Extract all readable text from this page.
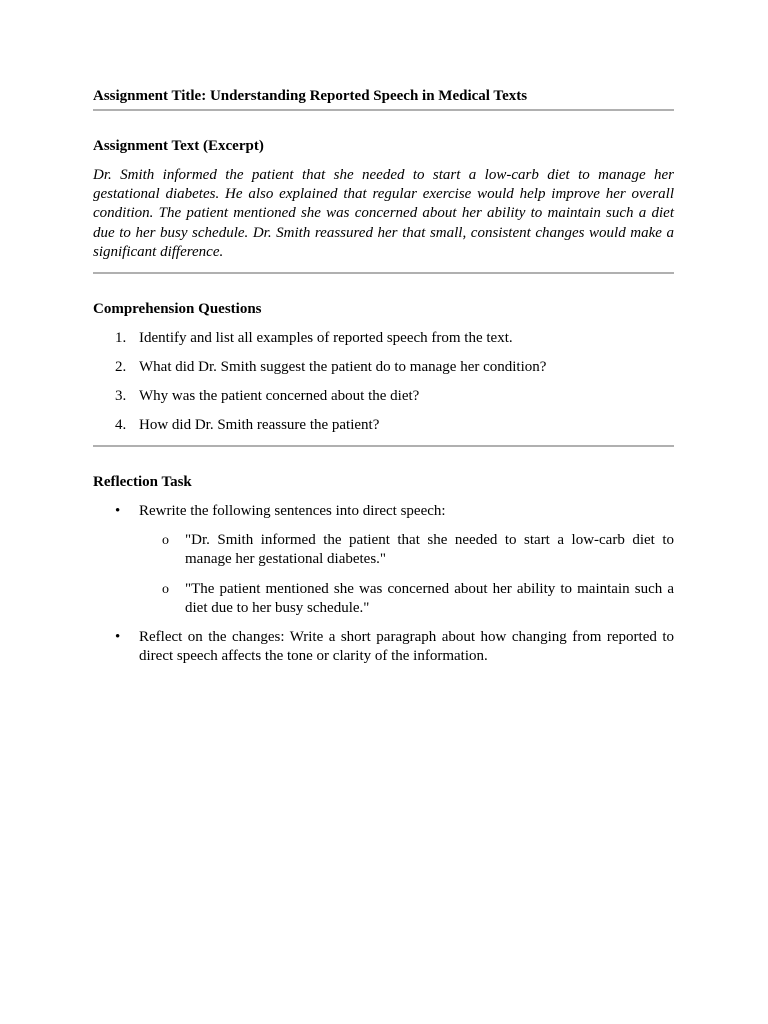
Assignment Title: Understanding Reported Speech in Medical Texts

Assignment Text (Excerpt)

Dr. Smith informed the patient that she needed to start a low-carb diet to manage her gestational diabetes. He also explained that regular exercise would help improve her overall condition. The patient mentioned she was concerned about her ability to maintain such a diet due to her busy schedule. Dr. Smith reassured her that small, consistent changes would make a significant difference.

Comprehension Questions

1. Identify and list all examples of reported speech from the text.
2. What did Dr. Smith suggest the patient do to manage her condition?
3. Why was the patient concerned about the diet?
4. How did Dr. Smith reassure the patient?

Reflection Task

• Rewrite the following sentences into direct speech:
o "Dr. Smith informed the patient that she needed to start a low-carb diet to manage her gestational diabetes."
o "The patient mentioned she was concerned about her ability to maintain such a diet due to her busy schedule."
• Reflect on the changes: Write a short paragraph about how changing from reported to direct speech affects the tone or clarity of the information.
